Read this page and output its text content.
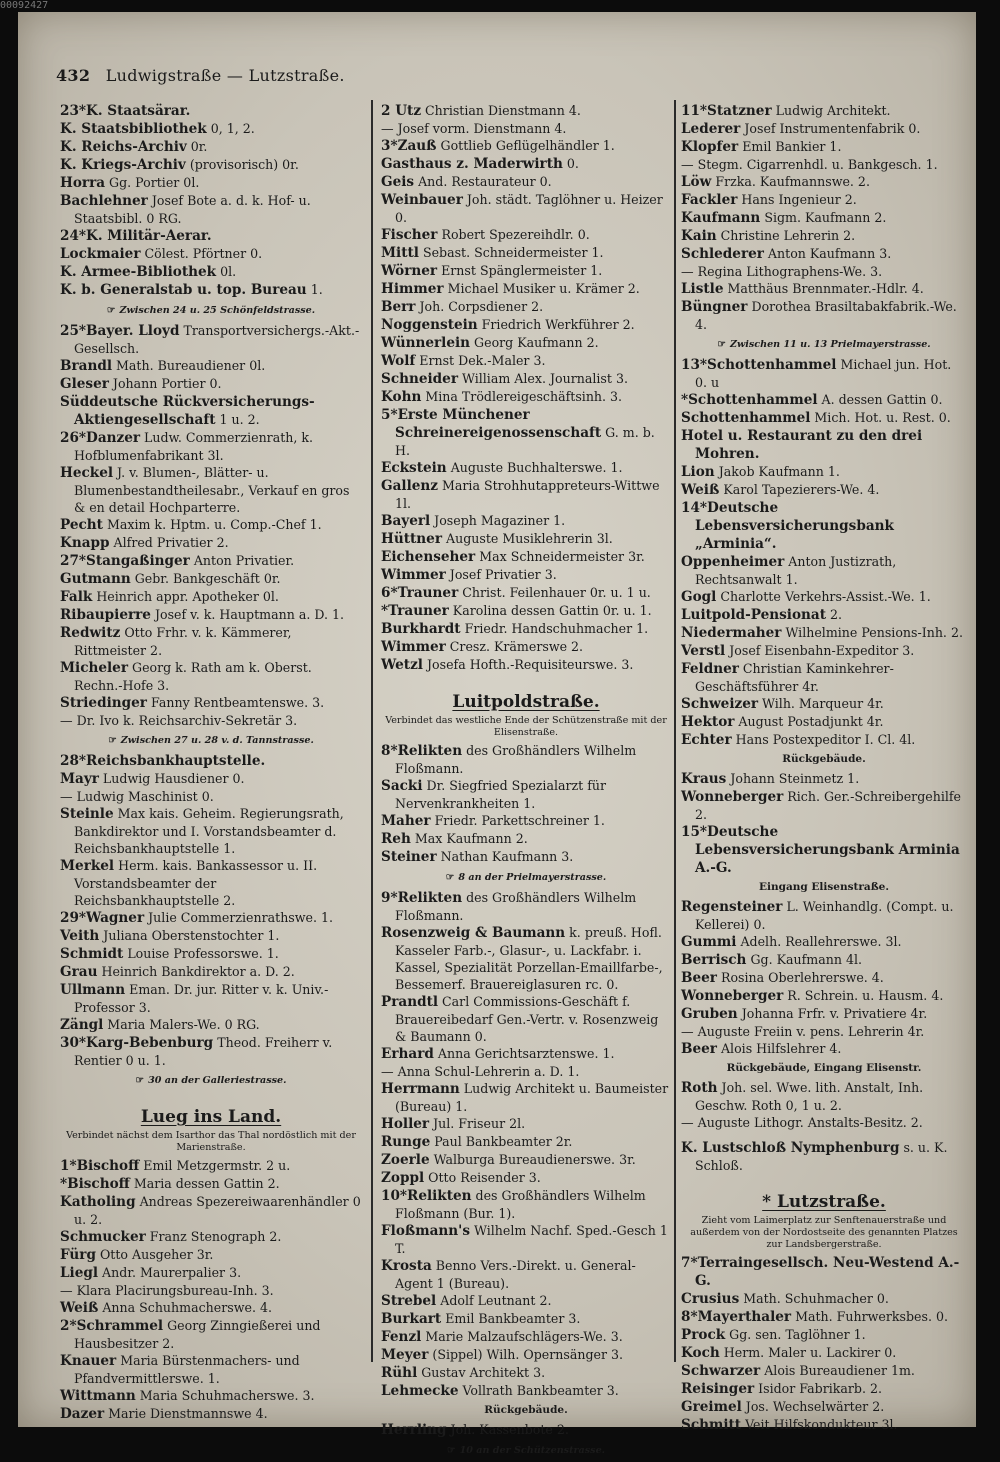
00092427
432 Ludwigstraße — Lutzstraße.
23*K. Staatsärar.
K. Staatsbibliothek 0, 1, 2.
K. Reichs-Archiv 0r.
K. Kriegs-Archiv (provisorisch) 0r.
Horra Gg. Portier 0l.
Bachlehner Josef Bote a. d. k. Hof- u. Staatsbibl. 0 RG.
24*K. Militär-Aerar.
Lockmaier Cölest. Pförtner 0.
K. Armee-Bibliothek 0l.
K. b. Generalstab u. top. Bureau 1.
☞ Zwischen 24 u. 25 Schönfeldstrasse.
25*Bayer. Lloyd Transportversichergs.-Akt.-Gesellsch.
Brandl Math. Bureaudiener 0l.
Gleser Johann Portier 0.
Süddeutsche Rückversicherungs-Aktiengesellschaft 1 u. 2.
26*Danzer Ludw. Commerzienrath, k. Hofblumenfabrikant 3l.
Heckel J. v. Blumen-, Blätter- u. Blumenbestandtheilesabr., Verkauf en gros & en detail Hochparterre.
Pecht Maxim k. Hptm. u. Comp.-Chef 1.
Knapp Alfred Privatier 2.
27*Stangaßinger Anton Privatier.
Gutmann Gebr. Bankgeschäft 0r.
Falk Heinrich appr. Apotheker 0l.
Ribaupierre Josef v. k. Hauptmann a. D. 1.
Redwitz Otto Frhr. v. k. Kämmerer, Rittmeister 2.
Micheler Georg k. Rath am k. Oberst. Rechn.-Hofe 3.
Striedinger Fanny Rentbeamtenswe. 3.
— Dr. Ivo k. Reichsarchiv-Sekretär 3.
☞ Zwischen 27 u. 28 v. d. Tannstrasse.
28*Reichsbankhauptstelle.
Mayr Ludwig Hausdiener 0.
— Ludwig Maschinist 0.
Steinle Max kais. Geheim. Regierungsrath, Bankdirektor und I. Vorstandsbeamter d. Reichsbankhauptstelle 1.
Merkel Herm. kais. Bankassessor u. II. Vorstandsbeamter der Reichsbankhauptstelle 2.
29*Wagner Julie Commerzienrathswe. 1.
Veith Juliana Oberstenstochter 1.
Schmidt Louise Professorswe. 1.
Grau Heinrich Bankdirektor a. D. 2.
Ullmann Eman. Dr. jur. Ritter v. k. Univ.-Professor 3.
Zängl Maria Malers-We. 0 RG.
30*Karg-Bebenburg Theod. Freiherr v. Rentier 0 u. 1.
☞ 30 an der Galleriestrasse.
Lueg ins Land.
Verbindet nächst dem Isarthor das Thal nordöstlich mit der Marienstraße.
1*Bischoff Emil Metzgermstr. 2 u.
*Bischoff Maria dessen Gattin 2.
Katholing Andreas Spezereiwaarenhändler 0 u. 2.
Schmucker Franz Stenograph 2.
Fürg Otto Ausgeher 3r.
Liegl Andr. Maurerpalier 3.
— Klara Placirungsbureau-Inh. 3.
Weiß Anna Schuhmacherswe. 4.
2*Schrammel Georg Zinngießerei und Hausbesitzer 2.
Knauer Maria Bürstenmachers- und Pfandvermittlerswe. 1.
Wittmann Maria Schuhmacherswe. 3.
Dazer Marie Dienstmannswe 4.
2 Utz Christian Dienstmann 4.
— Josef vorm. Dienstmann 4.
3*Zauß Gottlieb Geflügelhändler 1.
Gasthaus z. Maderwirth 0.
Geis And. Restaurateur 0.
Weinbauer Joh. städt. Taglöhner u. Heizer 0.
Fischer Robert Spezereihdlr. 0.
Mittl Sebast. Schneidermeister 1.
Wörner Ernst Spänglermeister 1.
Himmer Michael Musiker u. Krämer 2.
Berr Joh. Corpsdiener 2.
Noggenstein Friedrich Werkführer 2.
Wünnerlein Georg Kaufmann 2.
Wolf Ernst Dek.-Maler 3.
Schneider William Alex. Journalist 3.
Kohn Mina Trödlereigeschäftsinh. 3.
5*Erste Münchener Schreinereigenossenschaft G. m. b. H.
Eckstein Auguste Buchhalterswe. 1.
Gallenz Maria Strohhutappreteurs-Wittwe 1l.
Bayerl Joseph Magaziner 1.
Hüttner Auguste Musiklehrerin 3l.
Eichenseher Max Schneidermeister 3r.
Wimmer Josef Privatier 3.
6*Trauner Christ. Feilenhauer 0r. u. 1 u.
*Trauner Karolina dessen Gattin 0r. u. 1.
Burkhardt Friedr. Handschuhmacher 1.
Wimmer Cresz. Krämerswe 2.
Wetzl Josefa Hofth.-Requisiteurswe. 3.
Luitpoldstraße.
Verbindet das westliche Ende der Schützenstraße mit der Elisenstraße.
8*Relikten des Großhändlers Wilhelm Floßmann.
Sacki Dr. Siegfried Spezialarzt für Nervenkrankheiten 1.
Maher Friedr. Parkettschreiner 1.
Reh Max Kaufmann 2.
Steiner Nathan Kaufmann 3.
☞ 8 an der Prielmayerstrasse.
9*Relikten des Großhändlers Wilhelm Floßmann.
Rosenzweig & Baumann k. preuß. Hofl. Kasseler Farb.-, Glasur-, u. Lackfabr. i. Kassel, Spezialität Porzellan-Emaillfarbe-, Bessemerf. Brauereiglasuren rc. 0.
Prandtl Carl Commissions-Geschäft f. Brauereibedarf Gen.-Vertr. v. Rosenzweig & Baumann 0.
Erhard Anna Gerichtsarztenswe. 1.
— Anna Schul-Lehrerin a. D. 1.
Herrmann Ludwig Architekt u. Baumeister (Bureau) 1.
Holler Jul. Friseur 2l.
Runge Paul Bankbeamter 2r.
Zoerle Walburga Bureaudienerswe. 3r.
Zoppl Otto Reisender 3.
10*Relikten des Großhändlers Wilhelm Floßmann (Bur. 1).
Floßmann's Wilhelm Nachf. Sped.-Gesch 1 T.
Krosta Benno Vers.-Direkt. u. General-Agent 1 (Bureau).
Strebel Adolf Leutnant 2.
Burkart Emil Bankbeamter 3.
Fenzl Marie Malzaufschlägers-We. 3.
Meyer (Sippel) Wilh. Opernsänger 3.
Rühl Gustav Architekt 3.
Lehmecke Vollrath Bankbeamter 3.
Rückgebäude.
Herrling Joh. Kassenbote 2.
☞ 10 an der Schützenstrasse.
11*Statzner Ludwig Architekt.
Lederer Josef Instrumentenfabrik 0.
Klopfer Emil Bankier 1.
— Stegm. Cigarrenhdl. u. Bankgesch. 1.
Löw Frzka. Kaufmannswe. 2.
Fackler Hans Ingenieur 2.
Kaufmann Sigm. Kaufmann 2.
Kain Christine Lehrerin 2.
Schlederer Anton Kaufmann 3.
— Regina Lithographens-We. 3.
Listle Matthäus Brennmater.-Hdlr. 4.
Büngner Dorothea Brasiltabakfabrik.-We. 4.
☞ Zwischen 11 u. 13 Prielmayerstrasse.
13*Schottenhammel Michael jun. Hot. 0. u
*Schottenhammel A. dessen Gattin 0.
Schottenhammel Mich. Hot. u. Rest. 0.
Hotel u. Restaurant zu den drei Mohren.
Lion Jakob Kaufmann 1.
Weiß Karol Tapezierers-We. 4.
14*Deutsche Lebensversicherungsbank „Arminia“.
Oppenheimer Anton Justizrath, Rechtsanwalt 1.
Gogl Charlotte Verkehrs-Assist.-We. 1.
Luitpold-Pensionat 2.
Niedermaher Wilhelmine Pensions-Inh. 2.
Verstl Josef Eisenbahn-Expeditor 3.
Feldner Christian Kaminkehrer-Geschäftsführer 4r.
Schweizer Wilh. Marqueur 4r.
Hektor August Postadjunkt 4r.
Echter Hans Postexpeditor I. Cl. 4l.
Rückgebäude.
Kraus Johann Steinmetz 1.
Wonneberger Rich. Ger.-Schreibergehilfe 2.
15*Deutsche Lebensversicherungsbank Arminia A.-G.
Eingang Elisenstraße.
Regensteiner L. Weinhandlg. (Compt. u. Kellerei) 0.
Gummi Adelh. Reallehrerswe. 3l.
Berrisch Gg. Kaufmann 4l.
Beer Rosina Oberlehrerswe. 4.
Wonneberger R. Schrein. u. Hausm. 4.
Gruben Johanna Frfr. v. Privatiere 4r.
— Auguste Freiin v. pens. Lehrerin 4r.
Beer Alois Hilfslehrer 4.
Rückgebäude, Eingang Elisenstr.
Roth Joh. sel. Wwe. lith. Anstalt, Inh. Geschw. Roth 0, 1 u. 2.
— Auguste Lithogr. Anstalts-Besitz. 2.
K. Lustschloß Nymphenburg s. u. K. Schloß.
* Lutzstraße.
Zieht vom Laimerplatz zur Senftenauerstraße und außerdem von der Nordostseite des genannten Platzes zur Landsbergerstraße.
7*Terraingesellsch. Neu-Westend A.-G.
Crusius Math. Schuhmacher 0.
8*Mayerthaler Math. Fuhrwerksbes. 0.
Prock Gg. sen. Taglöhner 1.
Koch Herm. Maler u. Lackirer 0.
Schwarzer Alois Bureaudiener 1m.
Reisinger Isidor Fabrikarb. 2.
Greimel Jos. Wechselwärter 2.
Schmitt Veit Hilfskondukteur 3l.
